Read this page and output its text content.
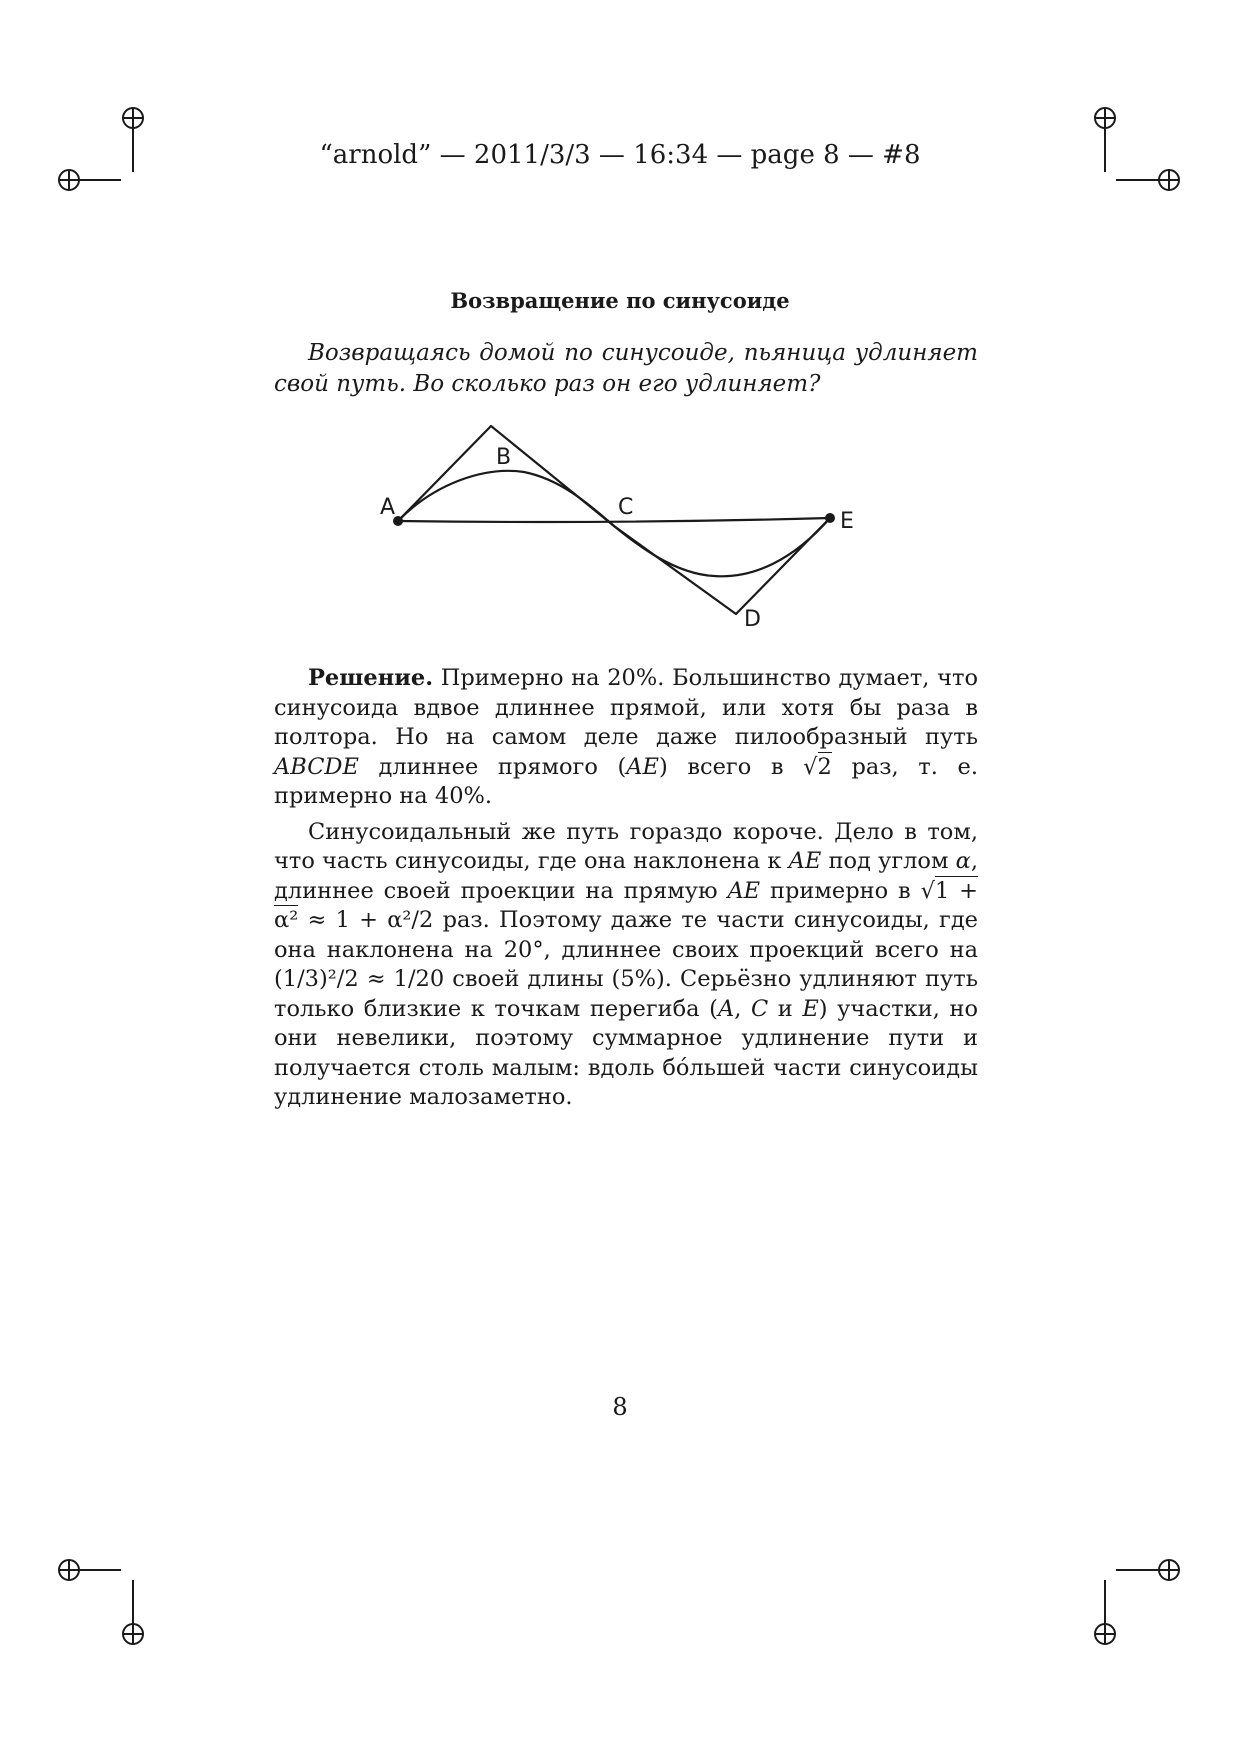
“arnold” — 2011/3/3 — 16:34 — page 8 — #8
Возвращение по синусоиде
Возвращаясь домой по синусоиде, пьяница удлиняет свой путь. Во сколько раз он его удлиняет?
A
B
C
D
E

Решение. Примерно на 20%. Большинство думает, что синусоида вдвое длиннее прямой, или хотя бы раза в полтора. Но на самом деле даже пилообразный путь ABCDE длиннее прямого (AE) всего в √2 раз, т. е. примерно на 40%.

Синусоидальный же путь гораздо короче. Дело в том, что часть синусоиды, где она наклонена к AE под углом α, длиннее своей проекции на прямую AE примерно в √1 + α² ≈ 1 + α²/2 раз. Поэтому даже те части синусоиды, где она наклонена на 20°, длиннее своих проекций всего на (1/3)²/2 ≈ 1/20 своей длины (5%). Серьёзно удлиняют путь только близкие к точкам перегиба (A, C и E) участки, но они невелики, поэтому суммарное удлинение пути и получается столь малым: вдоль бóльшей части синусоиды удлинение малозаметно.

8
